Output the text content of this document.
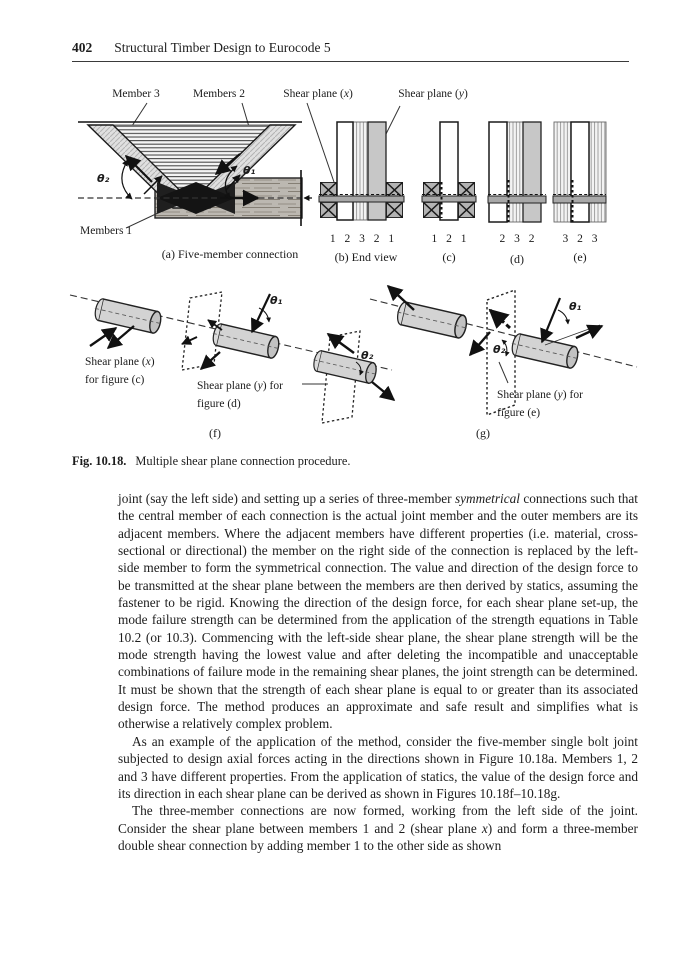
402 Structural Timber Design to Eurocode 5
Member 3	Members 2	Shear plane (x)	Shear plane (y)
θ₂
θ₁
Members 1
(a) Five-member connection
1 2 3 2 1
(b) End view
1 2 1
(c)
2 3 2
(d)
3 2 3
(e)
θ₁
θ₂
Shear plane (x)
for figure (c)	Shear plane (y) for
figure (d)
(f)
θ₂
θ₁
Shear plane (y) for
figure (e)
(g)
Fig. 10.18. Multiple shear plane connection procedure.

joint (say the left side) and setting up a series of three-member symmetrical connections such that the central member of each connection is the actual joint member and the outer members are its adjacent members. Where the adjacent members have different properties (i.e. material, cross-sectional or directional) the member on the right side of the connection is replaced by the left-side member to form the symmetrical connection. The value and direction of the design force to be transmitted at the shear plane between the members are then derived by statics, assuming the fastener to be rigid. Knowing the direction of the design force, for each shear plane set-up, the mode failure strength can be determined from the application of the strength equations in Table 10.2 (or 10.3). Commencing with the left-side shear plane, the shear plane strength will be the mode strength having the lowest value and after deleting the incompatible and unacceptable combinations of failure mode in the remaining shear planes, the joint strength can be determined. It must be shown that the strength of each shear plane is equal to or greater than its associated design force. The method produces an approximate and safe result and simplifies what is otherwise a relatively complex problem.

As an example of the application of the method, consider the five-member single bolt joint subjected to design axial forces acting in the directions shown in Figure 10.18a. Members 1, 2 and 3 have different properties. From the application of statics, the value of the design force and its direction in each shear plane can be derived as shown in Figures 10.18f–10.18g.

The three-member connections are now formed, working from the left side of the joint. Consider the shear plane between members 1 and 2 (shear plane x) and form a three-member double shear connection by adding member 1 to the other side as shown
